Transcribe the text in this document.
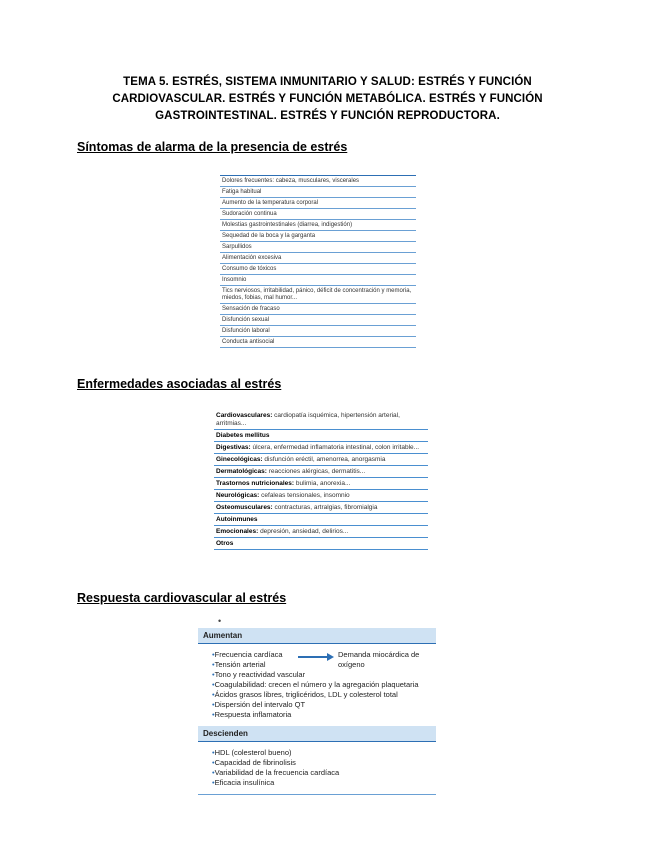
TEMA 5. ESTRÉS, SISTEMA INMUNITARIO Y SALUD: ESTRÉS Y FUNCIÓN
CARDIOVASCULAR. ESTRÉS Y FUNCIÓN METABÓLICA. ESTRÉS Y FUNCIÓN
GASTROINTESTINAL. ESTRÉS Y FUNCIÓN REPRODUCTORA.
Síntomas de alarma de la presencia de estrés
Dolores frecuentes: cabeza, musculares, viscerales
Fatiga habitual
Aumento de la temperatura corporal
Sudoración continua
Molestias gastrointestinales (diarrea, indigestión)
Sequedad de la boca y la garganta
Sarpullidos
Alimentación excesiva
Consumo de tóxicos
Insomnio
Tics nerviosos, irritabilidad, pánico, déficit de concentración y memoria, miedos, fobias, mal humor...
Sensación de fracaso
Disfunción sexual
Disfunción laboral
Conducta antisocial
Enfermedades asociadas al estrés
Cardiovasculares: cardiopatía isquémica, hipertensión arterial, arritmias...
Diabetes mellitus
Digestivas: úlcera, enfermedad inflamatoria intestinal, colon irritable...
Ginecológicas: disfunción eréctil, amenorrea, anorgasmia
Dermatológicas: reacciones alérgicas, dermatitis...
Trastornos nutricionales: bulimia, anorexia...
Neurológicas: cefaleas tensionales, insomnio
Osteomusculares: contracturas, artralgias, fibromialgia
Autoinmunes
Emocionales: depresión, ansiedad, delirios...
Otros
Respuesta cardiovascular al estrés
•
Aumentan
• Frecuencia cardíaca
• Tensión arterial
• Tono y reactividad vascular
• Coagulabilidad: crecen el número y la agregación plaquetaria
• Ácidos grasos libres, triglicéridos, LDL y colesterol total
• Dispersión del intervalo QT
• Respuesta inflamatoria
Demanda miocárdica de oxígeno
Descienden
• HDL (colesterol bueno)
• Capacidad de fibrinolisis
• Variabilidad de la frecuencia cardíaca
• Eficacia insulínica
